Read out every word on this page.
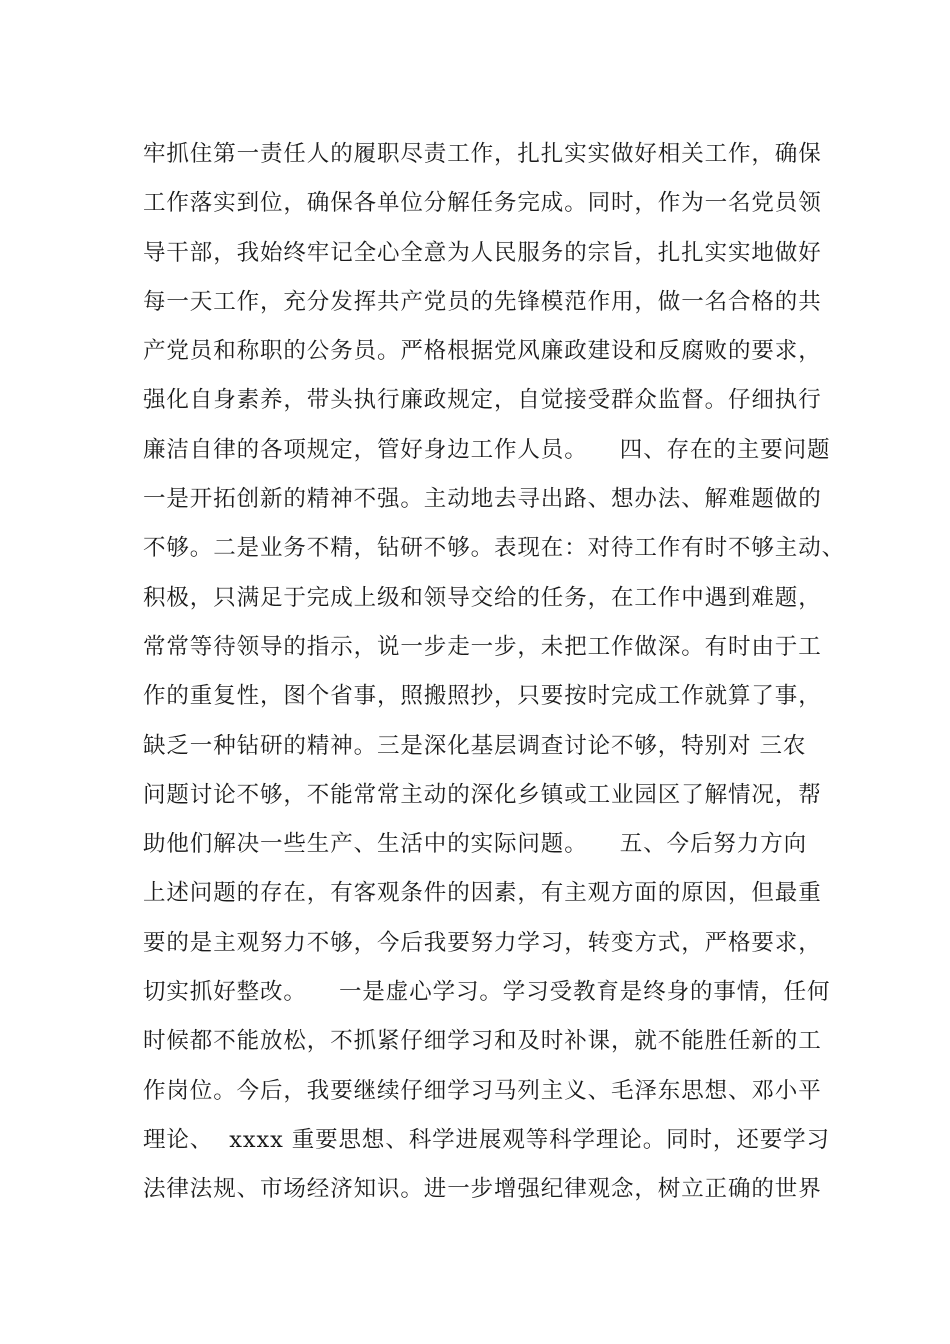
牢抓住第一责任人的履职尽责工作，扎扎实实做好相关工作，确保
工作落实到位，确保各单位分解任务完成。同时，作为一名党员领
导干部，我始终牢记全心全意为人民服务的宗旨，扎扎实实地做好
每一天工作，充分发挥共产党员的先锋模范作用，做一名合格的共
产党员和称职的公务员。严格根据党风廉政建设和反腐败的要求，
强化自身素养，带头执行廉政规定，自觉接受群众监督。仔细执行
廉洁自律的各项规定，管好身边工作人员。    四、存在的主要问题
一是开拓创新的精神不强。主动地去寻出路、想办法、解难题做的
不够。二是业务不精，钻研不够。表现在：对待工作有时不够主动、
积极，只满足于完成上级和领导交给的任务，在工作中遇到难题，
常常等待领导的指示，说一步走一步，未把工作做深。有时由于工
作的重复性，图个省事，照搬照抄，只要按时完成工作就算了事，
缺乏一种钻研的精神。三是深化基层调查讨论不够，特别对 三农
问题讨论不够，不能常常主动的深化乡镇或工业园区了解情况，帮
助他们解决一些生产、生活中的实际问题。    五、今后努力方向
上述问题的存在，有客观条件的因素，有主观方面的原因，但最重
要的是主观努力不够，今后我要努力学习，转变方式，严格要求，
切实抓好整改。    一是虚心学习。学习受教育是终身的事情，任何
时候都不能放松，不抓紧仔细学习和及时补课，就不能胜任新的工
作岗位。今后，我要继续仔细学习马列主义、毛泽东思想、邓小平
理论、  xxxx 重要思想、科学进展观等科学理论。同时，还要学习
法律法规、市场经济知识。进一步增强纪律观念，树立正确的世界
